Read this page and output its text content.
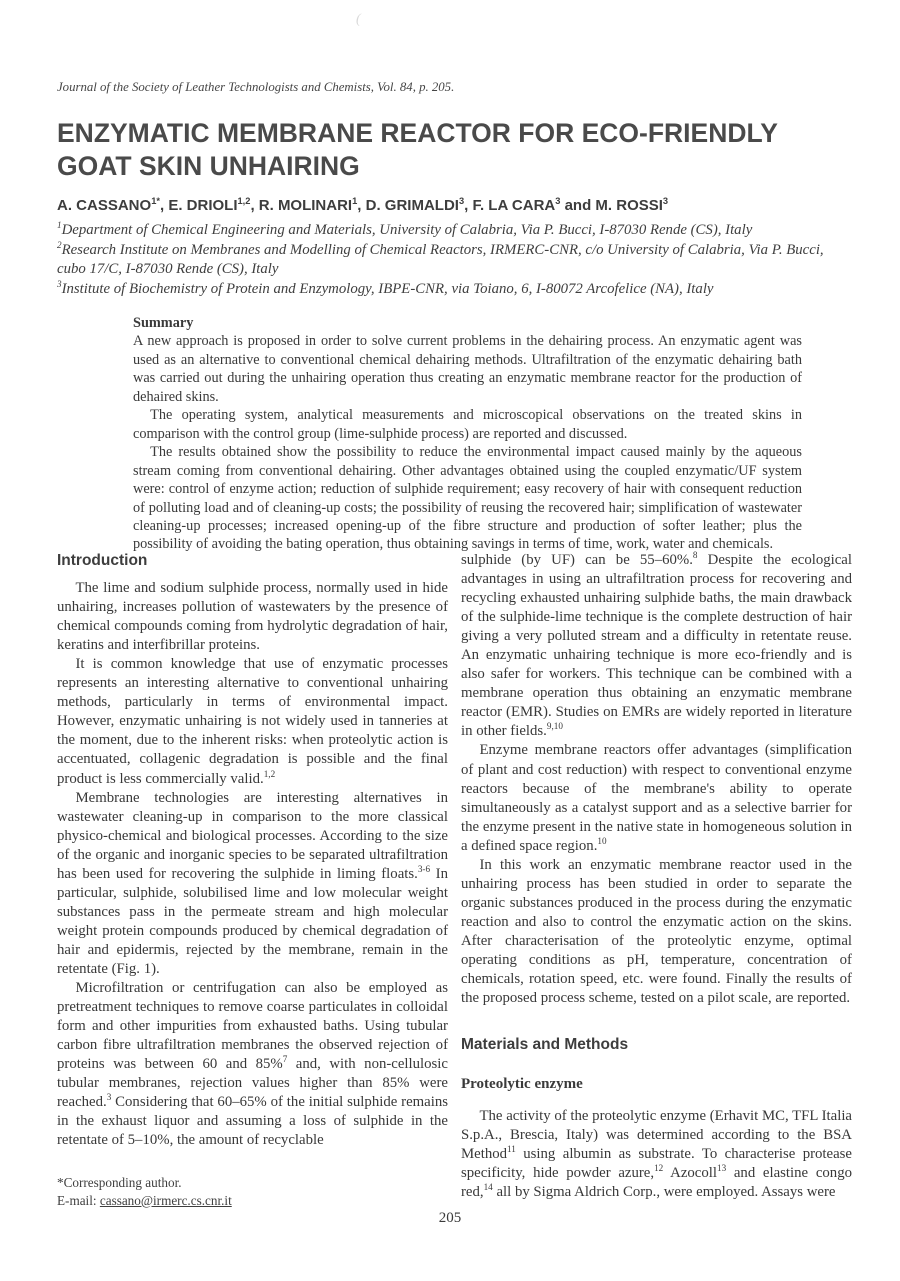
(
Journal of the Society of Leather Technologists and Chemists, Vol. 84, p. 205.
ENZYMATIC MEMBRANE REACTOR FOR ECO-FRIENDLY
GOAT SKIN UNHAIRING
A. $CASSANO^{1*}$, E. DRIOLI$^{1,2}$, R. MOLINARI$^1$, D. GRIMALDI$^3$, F. LA CARA$^3$ and M. ROSSI$^3$

$^1$Department of Chemical Engineering and Materials, University of Calabria, Via P. Bucci, I-87030 Rende (CS), Italy

$^2$Research Institute on Membranes and Modelling of Chemical Reactors, IRMERC-CNR, c/o University of Calabria, Via P. Bucci, cubo 17/C, I-87030 Rende (CS), Italy

$^3$Institute of Biochemistry of Protein and Enzymology, IBPE-CNR, via Toiano, 6, I-80072 Arcofelice (NA), Italy

Summary

A new approach is proposed in order to solve current problems in the dehairing process. An enzymatic agent was used as an alternative to conventional chemical dehairing methods. Ultrafiltration of the enzymatic dehairing bath was carried out during the unhairing operation thus creating an enzymatic membrane reactor for the production of dehaired skins.

The operating system, analytical measurements and microscopical observations on the treated skins in comparison with the control group (lime-sulphide process) are reported and discussed.

The results obtained show the possibility to reduce the environmental impact caused mainly by the aqueous stream coming from conventional dehairing. Other advantages obtained using the coupled enzymatic/UF system were: control of enzyme action; reduction of sulphide requirement; easy recovery of hair with consequent reduction of polluting load and of cleaning-up costs; the possibility of reusing the recovered hair; simplification of wastewater cleaning-up processes; increased opening-up of the fibre structure and production of softer leather; plus the possibility of avoiding the bating operation, thus obtaining savings in terms of time, work, water and chemicals.

Introduction

The lime and sodium sulphide process, normally used in hide unhairing, increases pollution of wastewaters by the presence of chemical compounds coming from hydrolytic degradation of hair, keratins and interfibrillar proteins.

It is common knowledge that use of enzymatic processes represents an interesting alternative to conventional unhairing methods, particularly in terms of environmental impact. However, enzymatic unhairing is not widely used in tanneries at the moment, due to the inherent risks: when proteolytic action is accentuated, collagenic degradation is possible and the final product is less commercially valid.$^{1,2}$

Membrane technologies are interesting alternatives in wastewater cleaning-up in comparison to the more classical physico-chemical and biological processes. According to the size of the organic and inorganic species to be separated ultrafiltration has been used for recovering the sulphide in liming floats.$^{3-6}$ In particular, sulphide, solubilised lime and low molecular weight substances pass in the permeate stream and high molecular weight protein compounds produced by chemical degradation of hair and epidermis, rejected by the membrane, remain in the retentate (Fig. 1).

Microfiltration or centrifugation can also be employed as pretreatment techniques to remove coarse particulates in colloidal form and other impurities from exhausted baths. Using tubular carbon fibre ultrafiltration membranes the observed rejection of proteins was between 60 and 85%$^7$ and, with non-cellulosic tubular membranes, rejection values higher than 85% were reached.$^3$ Considering that 60–65% of the initial sulphide remains in the exhaust liquor and assuming a loss of sulphide in the retentate of 5–10%, the amount of recyclable

*Corresponding author.

E-mail: cassano@irmerc.cs.cnr.it

sulphide (by UF) can be 55–60%.$^8$ Despite the ecological advantages in using an ultrafiltration process for recovering and recycling exhausted unhairing sulphide baths, the main drawback of the sulphide-lime technique is the complete destruction of hair giving a very polluted stream and a difficulty in retentate reuse. An enzymatic unhairing technique is more eco-friendly and is also safer for workers. This technique can be combined with a membrane operation thus obtaining an enzymatic membrane reactor (EMR). Studies on EMRs are widely reported in literature in other fields.$^{9,10}$

Enzyme membrane reactors offer advantages (simplification of plant and cost reduction) with respect to conventional enzyme reactors because of the membrane's ability to operate simultaneously as a catalyst support and as a selective barrier for the enzyme present in the native state in homogeneous solution in a defined space region.$^{10}$

In this work an enzymatic membrane reactor used in the unhairing process has been studied in order to separate the organic substances produced in the process during the enzymatic reaction and also to control the enzymatic action on the skins. After characterisation of the proteolytic enzyme, optimal operating conditions as pH, temperature, concentration of chemicals, rotation speed, etc. were found. Finally the results of the proposed process scheme, tested on a pilot scale, are reported.

Materials and Methods
Proteolytic enzyme

The activity of the proteolytic enzyme (Erhavit MC, TFL Italia S.p.A., Brescia, Italy) was determined according to the BSA Method$^{11}$ using albumin as substrate. To characterise protease specificity, hide powder azure,$^{12}$ Azocoll$^{13}$ and elastine congo red,$^{14}$ all by Sigma Aldrich Corp., were employed. Assays were

205
